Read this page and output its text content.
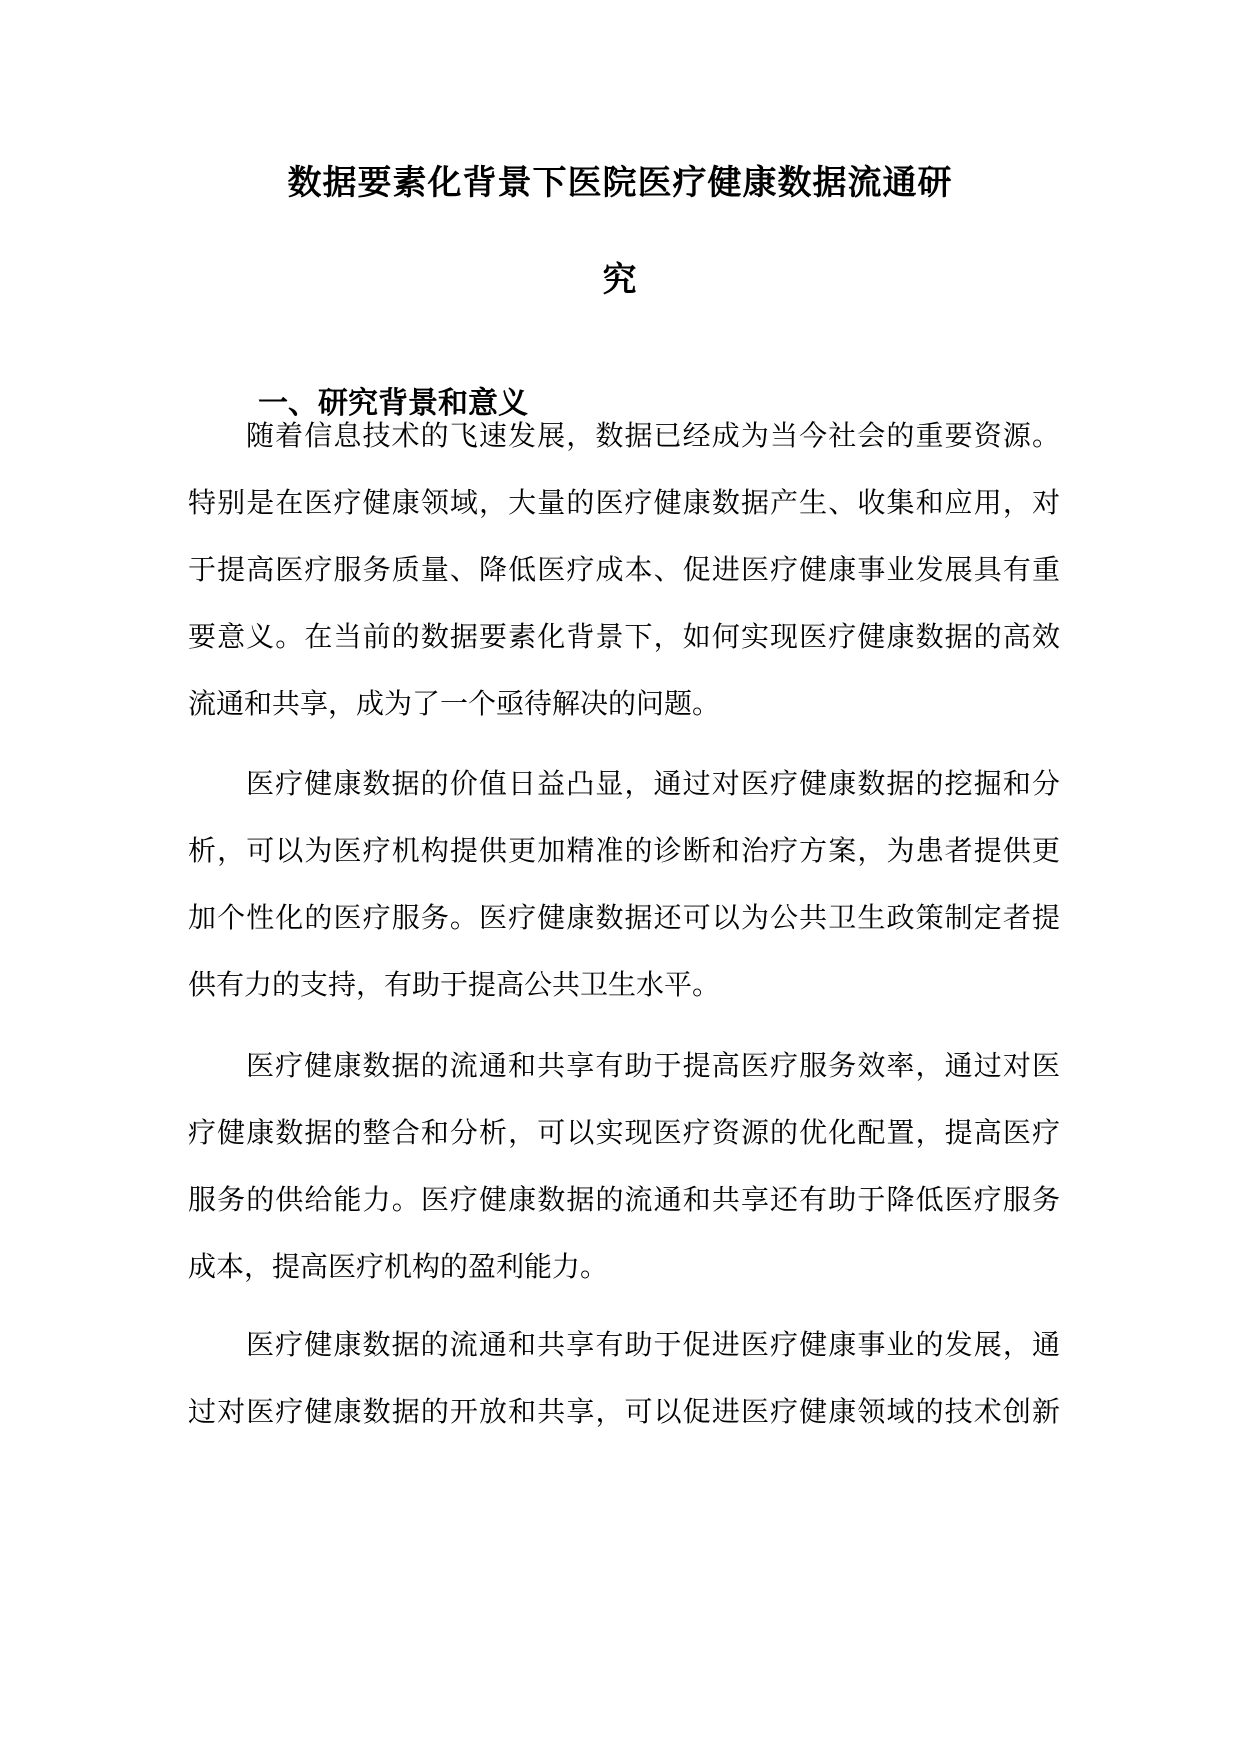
数据要素化背景下医院医疗健康数据流通研
究
一、研究背景和意义

随着信息技术的飞速发展，数据已经成为当今社会的重要资源。

特别是在医疗健康领域，大量的医疗健康数据产生、收集和应用，对

于提高医疗服务质量、降低医疗成本、促进医疗健康事业发展具有重

要意义。在当前的数据要素化背景下，如何实现医疗健康数据的高效

流通和共享，成为了一个亟待解决的问题。

医疗健康数据的价值日益凸显，通过对医疗健康数据的挖掘和分

析，可以为医疗机构提供更加精准的诊断和治疗方案，为患者提供更

加个性化的医疗服务。医疗健康数据还可以为公共卫生政策制定者提

供有力的支持，有助于提高公共卫生水平。

医疗健康数据的流通和共享有助于提高医疗服务效率，通过对医

疗健康数据的整合和分析，可以实现医疗资源的优化配置，提高医疗

服务的供给能力。医疗健康数据的流通和共享还有助于降低医疗服务

成本，提高医疗机构的盈利能力。

医疗健康数据的流通和共享有助于促进医疗健康事业的发展，通

过对医疗健康数据的开放和共享，可以促进医疗健康领域的技术创新
